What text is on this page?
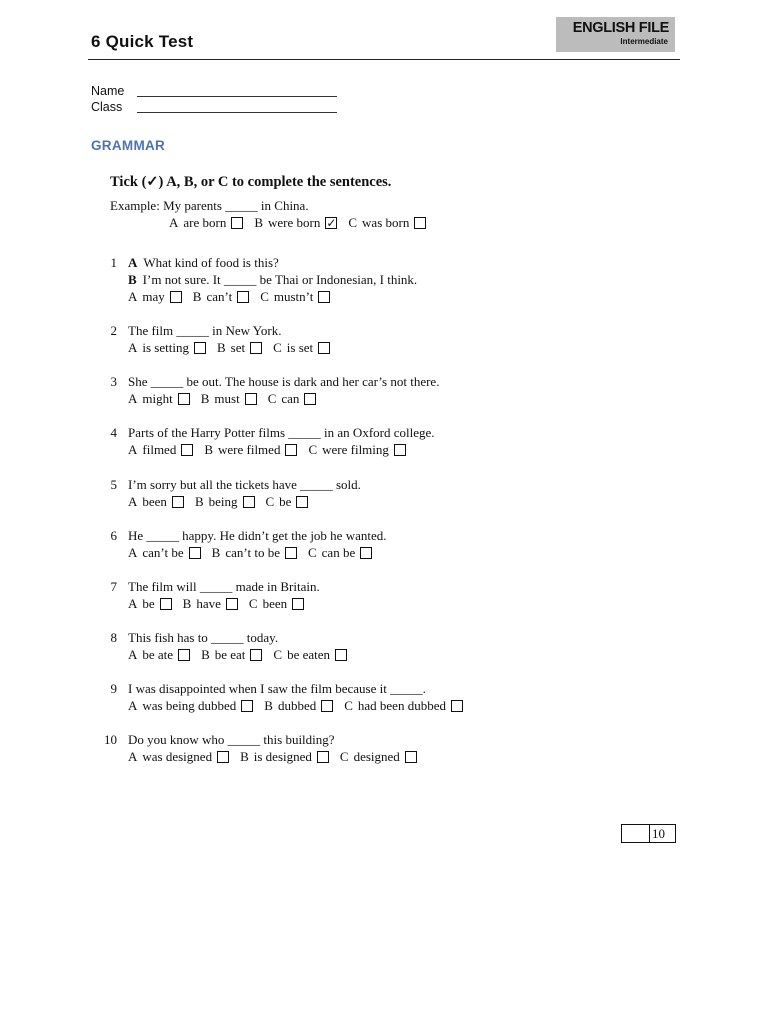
6 Quick Test
ENGLISH FILE
Intermediate
Name
Class
GRAMMAR
Tick (✓) A, B, or C to complete the sentences.
Example: My parents _____ in China.
A are born B were born
✓ C was born
1 A What kind of food is this?
B I’m not sure. It _____ be Thai or Indonesian, I think.
A may B can’t C mustn’t
2 The film _____ in New York.
A is setting B set C is set
3 She _____ be out. The house is dark and her car’s not there.
A might B must C can
4 Parts of the Harry Potter films _____ in an Oxford college.
A filmed B were filmed C were filming
5 I’m sorry but all the tickets have _____ sold.
A been B being C be
6 He _____ happy. He didn’t get the job he wanted.
A can’t be B can’t to be C can be
7 The film will _____ made in Britain.
A be B have C been
8 This fish has to _____ today.
A be ate B be eat C be eaten
9 I was disappointed when I saw the film because it _____.
A was being dubbed B dubbed C had been dubbed
10 Do you know who _____ this building?
A was designed B is designed C designed
10
